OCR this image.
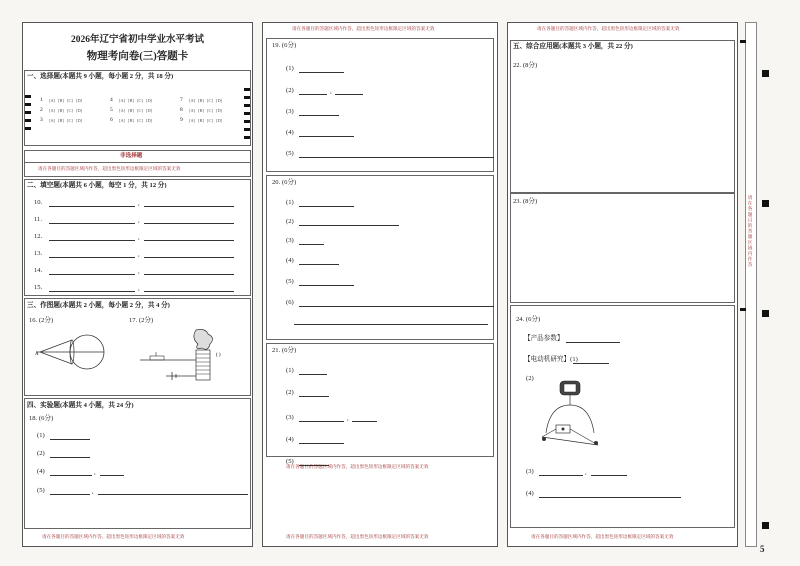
2026年辽宁省初中学业水平考试
物理考向卷(三)答题卡
一、选择题(本题共 9 小题，每小题 2 分，共 18 分)
非选择题
请在各题目的答题区域内作答，超出黑色矩形边框限定区域的答案无效
二、填空题(本题共 6 小题，每空 1 分，共 12 分)
三、作图题(本题共 2 小题，每小题 2 分，共 4 分)
16. (2分)	17. (2分)
A	( )
四、实验题(本题共 4 小题，共 24 分)
18. (6分)
请在各题目的答题区域内作答，超出黑色矩形边框限定区域的答案无效
请在各题目的答题区域内作答，超出黑色矩形边框限定区域的答案无效
19. (6分)
20. (6分)
21. (6分)
请在各题目的答题区域内作答，超出黑色矩形边框限定区域的答案无效
请在各题目的答题区域内作答，超出黑色矩形边框限定区域的答案无效
请在各题目的答题区域内作答，超出黑色矩形边框限定区域的答案无效
五、综合应用题(本题共 3 小题，共 22 分)
22. (8分)
23. (8分)
24. (6分)
【产品参数】
【电动机研究】(1)
(2)
(3)	,
(4)
请在各题目的答题区域内作答，超出黑色矩形边框限定区域的答案无效
请在各题目的答题区域内作答
5
1 [A] [B] [C] [D]
2 [A] [B] [C] [D]
3 [A] [B] [C] [D]
4 [A] [B] [C] [D]
5 [A] [B] [C] [D]
6 [A] [B] [C] [D]
7 [A] [B] [C] [D]
8 [A] [B] [C] [D]
9 [A] [B] [C] [D]
10.	,
11.	,
12.	,
13.	,
14.	,
15.	,
(1)
(2)
(4)	,
(5)	,
(1)
(2)	,
(3)
(4)
(5)
(1)
(2)
(3)
(4)
(5)
(6)
(1)
(2)
(3)	,
(4)
(5)
